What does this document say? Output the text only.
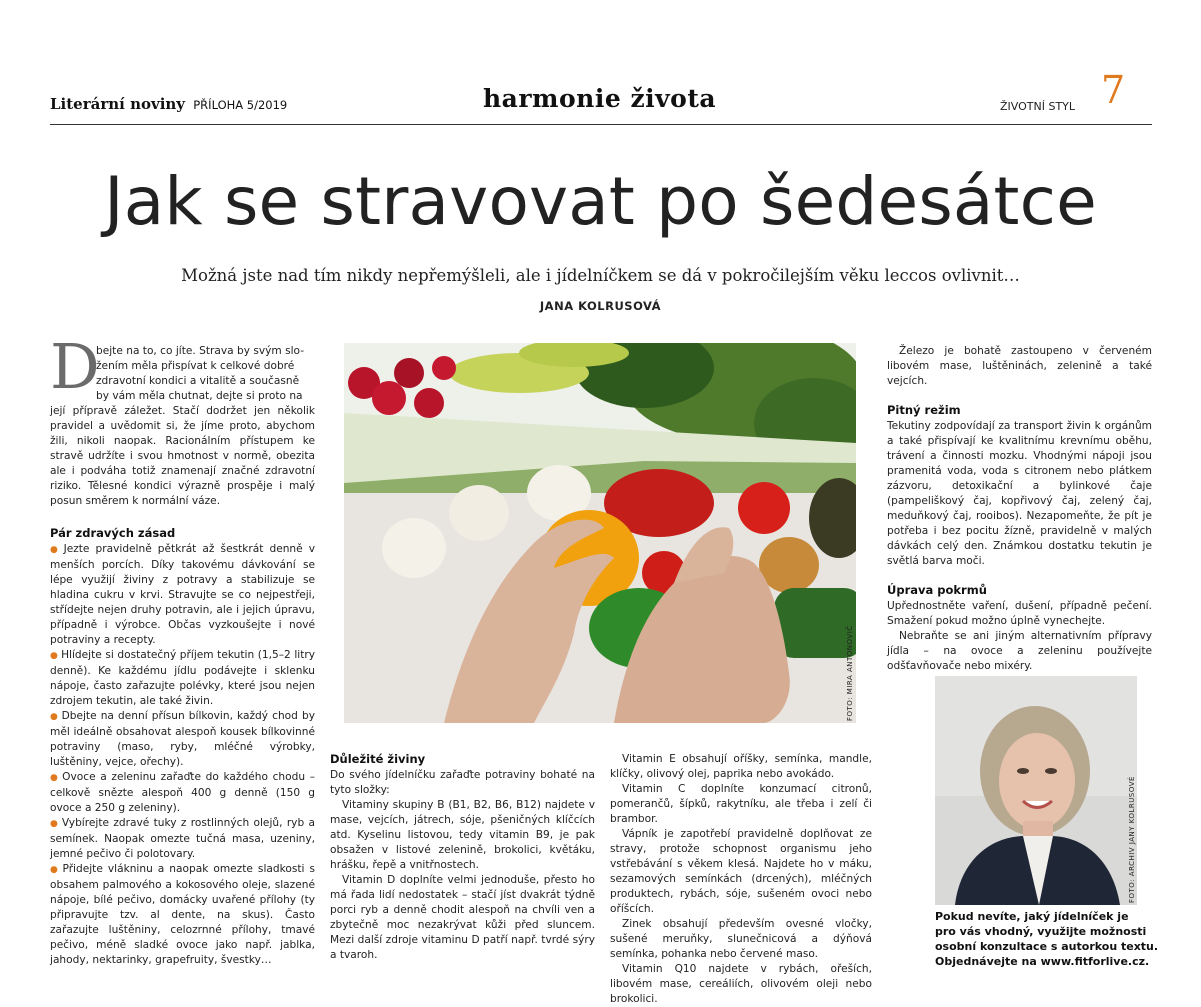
Literární noviny PŘÍLOHA 5/2019	harmonie života	ŽIVOTNÍ STYL 7
Jak se stravovat po šedesátce
Možná jste nad tím nikdy nepřemýšleli, ale i jídelníčkem se dá v pokročilejším věku leccos ovlivnit…
JANA KOLRUSOVÁ
D
bejte na to, co jíte. Strava by svým slo-
žením měla přispívat k celkové dobré
zdravotní kondici a vitalitě a současně
by vám měla chutnat, dejte si proto na

její přípravě záležet. Stačí dodržet jen několik pravidel a uvědomit si, že jíme proto, abychom žili, nikoli naopak. Racionálním přístupem ke stravě udržíte i svou hmotnost v normě, obezita ale i podváha totiž znamenají značné zdravotní riziko. Tělesné kondici výrazně prospěje i malý posun směrem k normální váze.

Pár zdravých zásad

● Jezte pravidelně pětkrát až šestkrát denně v menších porcích. Díky takovému dávkování se lépe využijí živiny z potravy a stabilizuje se hladina cukru v krvi. Stravujte se co nejpestřeji, střídejte nejen druhy potravin, ale i jejich úpravu, případně i výrobce. Občas vyzkoušejte i nové potraviny a recepty.

● Hlídejte si dostatečný příjem tekutin (1,5–2 litry denně). Ke každému jídlu podávejte i sklenku nápoje, často zařazujte polévky, které jsou nejen zdrojem tekutin, ale také živin.

● Dbejte na denní přísun bílkovin, každý chod by měl ideálně obsahovat alespoň kousek bílkovinné potraviny (maso, ryby, mléčné výrobky, luštěniny, vejce, ořechy).

● Ovoce a zeleninu zařaďte do každého chodu – celkově snězte alespoň 400 g denně (150 g ovoce a 250 g zeleniny).

● Vybírejte zdravé tuky z rostlinných olejů, ryb a semínek. Naopak omezte tučná masa, uzeniny, jemné pečivo či polotovary.

● Přidejte vlákninu a naopak omezte sladkosti s obsahem palmového a kokosového oleje, slazené nápoje, bílé pečivo, domácky uvařené přílohy (ty připravujte tzv. al dente, na skus). Často zařazujte luštěniny, celozrnné přílohy, tmavé pečivo, méně sladké ovoce jako např. jablka, jahody, nektarinky, grapefruity, švestky…

FOTO: MIRA ANTONOVIČ
Důležité živiny

Do svého jídelníčku zařaďte potraviny bohaté na tyto složky:

Vitaminy skupiny B (B1, B2, B6, B12) najdete v mase, vejcích, játrech, sóje, pšeničných klíčcích atd. Kyselinu listovou, tedy vitamin B9, je pak obsažen v listové zelenině, brokolici, květáku, hrášku, řepě a vnitřnostech.

Vitamin D doplníte velmi jednoduše, přesto ho má řada lidí nedostatek – stačí jíst dvakrát týdně porci ryb a denně chodit alespoň na chvíli ven a zbytečně moc nezakrývat kůži před sluncem. Mezi další zdroje vitaminu D patří např. tvrdé sýry a tvaroh.

Vitamin E obsahují oříšky, semínka, mandle, klíčky, olivový olej, paprika nebo avokádo.

Vitamin C doplníte konzumací citronů, pomerančů, šípků, rakytníku, ale třeba i zelí či brambor.

Vápník je zapotřebí pravidelně doplňovat ze stravy, protože schopnost organismu jeho vstřebávání s věkem klesá. Najdete ho v máku, sezamových semínkách (drcených), mléčných produktech, rybách, sóje, sušeném ovoci nebo oříšcích.

Zinek obsahují především ovesné vločky, sušené meruňky, slunečnicová a dýňová semínka, pohanka nebo červené maso.

Vitamin Q10 najdete v rybách, ořeších, libovém mase, cereáliích, olivovém oleji nebo brokolici.

Železo je bohatě zastoupeno v červeném libovém mase, luštěninách, zelenině a také vejcích.

Pitný režim

Tekutiny zodpovídají za transport živin k orgánům a také přispívají ke kvalitnímu krevnímu oběhu, trávení a činnosti mozku. Vhodnými nápoji jsou pramenitá voda, voda s citronem nebo plátkem zázvoru, detoxikační a bylinkové čaje (pampeliškový čaj, kopřivový čaj, zelený čaj, meduňkový čaj, rooibos). Nezapomeňte, že pít je potřeba i bez pocitu žízně, pravidelně v malých dávkách celý den. Známkou dostatku tekutin je světlá barva moči.

Úprava pokrmů

Upřednostněte vaření, dušení, případně pečení. Smažení pokud možno úplně vynechejte.

Nebraňte se ani jiným alternativním přípravy jídla – na ovoce a zeleninu používejte odšťavňovače nebo mixéry.

FOTO: ARCHIV JANY KOLRUSOVÉ
Pokud nevíte, jaký jídelníček je
pro vás vhodný, využijte možnosti
osobní konzultace s autorkou textu.
Objednávejte na www.fitforlive.cz.
